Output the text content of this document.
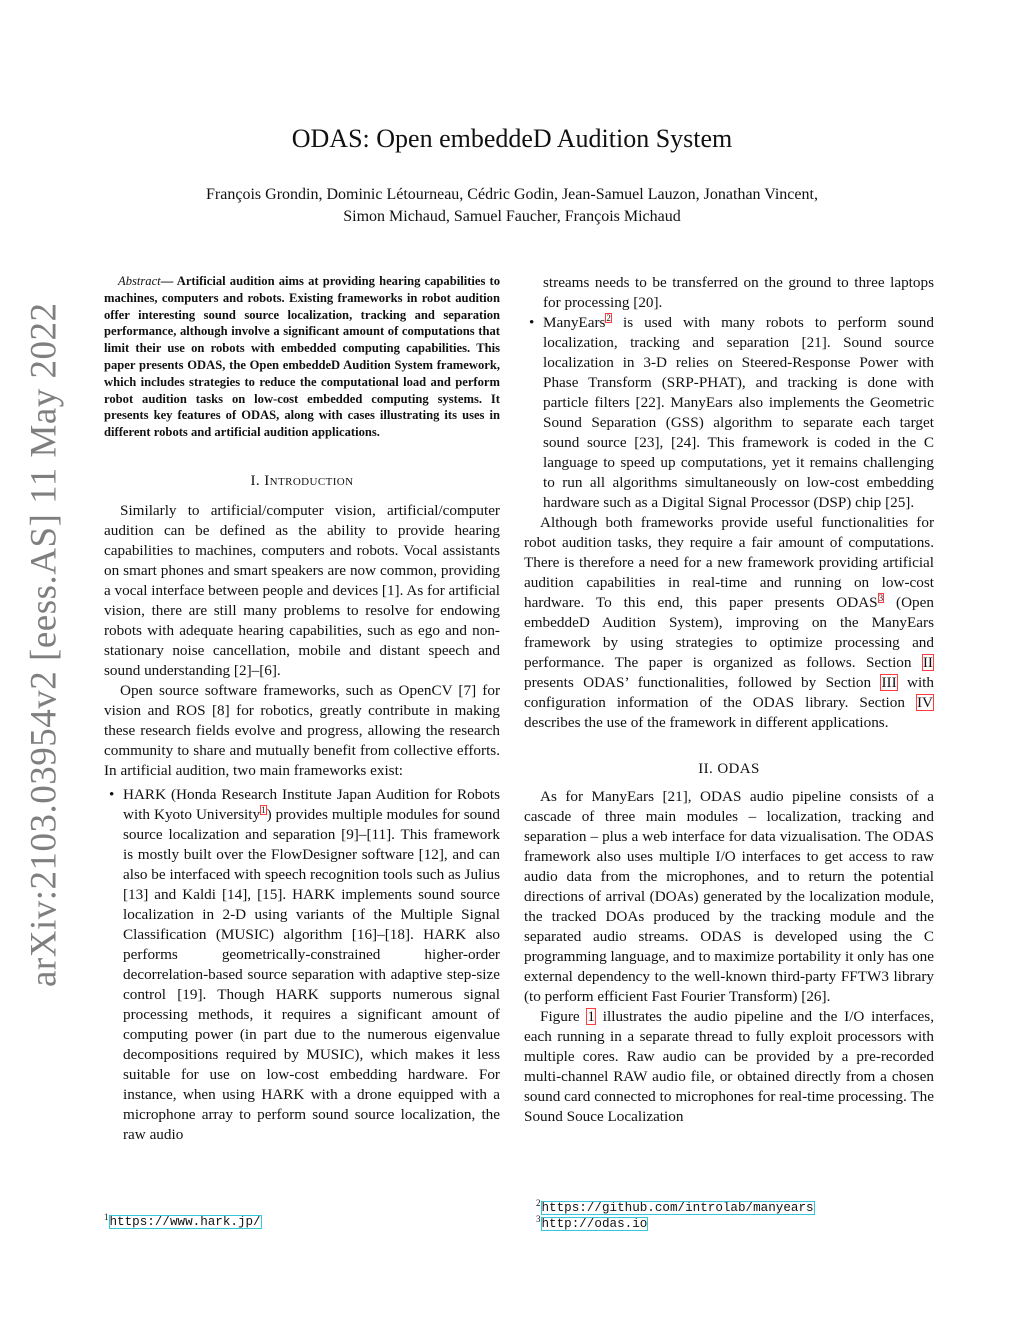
arXiv:2103.03954v2 [eess.AS] 11 May 2022
ODAS: Open embeddeD Audition System
François Grondin, Dominic Létourneau, Cédric Godin, Jean-Samuel Lauzon, Jonathan Vincent,
Simon Michaud, Samuel Faucher, François Michaud

Abstract— Artificial audition aims at providing hearing capabilities to machines, computers and robots. Existing frameworks in robot audition offer interesting sound source localization, tracking and separation performance, although involve a significant amount of computations that limit their use on robots with embedded computing capabilities. This paper presents ODAS, the Open embeddeD Audition System framework, which includes strategies to reduce the computational load and perform robot audition tasks on low-cost embedded computing systems. It presents key features of ODAS, along with cases illustrating its uses in different robots and artificial audition applications.

I. Introduction

Similarly to artificial/computer vision, artificial/computer audition can be defined as the ability to provide hearing capabilities to machines, computers and robots. Vocal assistants on smart phones and smart speakers are now common, providing a vocal interface between people and devices [1]. As for artificial vision, there are still many problems to resolve for endowing robots with adequate hearing capabilities, such as ego and non-stationary noise cancellation, mobile and distant speech and sound understanding [2]–[6].

Open source software frameworks, such as OpenCV [7] for vision and ROS [8] for robotics, greatly contribute in making these research fields evolve and progress, allowing the research community to share and mutually benefit from collective efforts. In artificial audition, two main frameworks exist:

• HARK (Honda Research Institute Japan Audition for Robots with Kyoto University$^1$) provides multiple modules for sound source localization and separation [9]–[11]. This framework is mostly built over the FlowDesigner software [12], and can also be interfaced with speech recognition tools such as Julius [13] and Kaldi [14], [15]. HARK implements sound source localization in 2-D using variants of the Multiple Signal Classification (MUSIC) algorithm [16]–[18]. HARK also performs geometrically-constrained higher-order decorrelation-based source separation with adaptive step-size control [19]. Though HARK supports numerous signal processing methods, it requires a significant amount of computing power (in part due to the numerous eigenvalue decompositions required by MUSIC), which makes it less suitable for use on low-cost embedding hardware. For instance, when using HARK with a drone equipped with a microphone array to perform sound source localization, the raw audio
streams needs to be transferred on the ground to three laptops for processing [20].
• ManyEars$^2$ is used with many robots to perform sound localization, tracking and separation [21]. Sound source localization in 3-D relies on Steered-Response Power with Phase Transform (SRP-PHAT), and tracking is done with particle filters [22]. ManyEars also implements the Geometric Sound Separation (GSS) algorithm to separate each target sound source [23], [24]. This framework is coded in the C language to speed up computations, yet it remains challenging to run all algorithms simultaneously on low-cost embedding hardware such as a Digital Signal Processor (DSP) chip [25].

Although both frameworks provide useful functionalities for robot audition tasks, they require a fair amount of computations. There is therefore a need for a new framework providing artificial audition capabilities in real-time and running on low-cost hardware. To this end, this paper presents ODAS$^3$ (Open embeddeD Audition System), improving on the ManyEars framework by using strategies to optimize processing and performance. The paper is organized as follows. Section II presents ODAS’ functionalities, followed by Section III with configuration information of the ODAS library. Section IV describes the use of the framework in different applications.

II. ODAS

As for ManyEars [21], ODAS audio pipeline consists of a cascade of three main modules – localization, tracking and separation – plus a web interface for data vizualisation. The ODAS framework also uses multiple I/O interfaces to get access to raw audio data from the microphones, and to return the potential directions of arrival (DOAs) generated by the localization module, the tracked DOAs produced by the tracking module and the separated audio streams. ODAS is developed using the C programming language, and to maximize portability it only has one external dependency to the well-known third-party FFTW3 library (to perform efficient Fast Fourier Transform) [26].

Figure 1 illustrates the audio pipeline and the I/O interfaces, each running in a separate thread to fully exploit processors with multiple cores. Raw audio can be provided by a pre-recorded multi-channel RAW audio file, or obtained directly from a chosen sound card connected to microphones for real-time processing. The Sound Souce Localization

$^1$https://www.hark.jp/
$^2$https://github.com/introlab/manyears
$^3$http://odas.io
